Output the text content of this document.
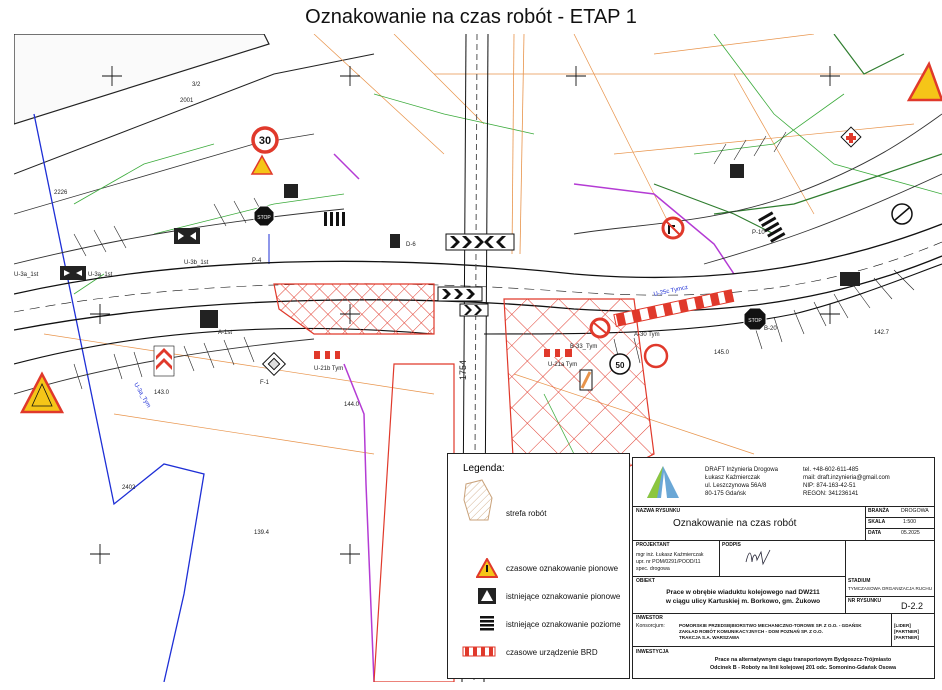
Oznakowanie na czas robót - ETAP 1
30
50
STOP
STOP
2001
3/2
2226
U-3a_1st	U-3a_1st
U-3b_1st
U-3a_Tym
D-6
P-4
A-1st
P-10
B-20
B-33_Tym
A-30 Tym
U-21b Tym
U-21a Tym
F-1
1754
U-25c Tymcz
143.0
144.0
145.0
139.4
142.7
2402
Legenda:
strefa robót
czasowe oznakowanie pionowe
istniejące oznakowanie pionowe
istniejące oznakowanie poziome
czasowe urządzenie BRD
DRAFT Inżynieria Drogowa
Łukasz Kaźmierczak
ul. Leszczynowa 56A/8
80-175 Gdańsk
tel. +48-602-611-485
mail: draft.inzynieria@gmail.com
NIP: 874-163-42-51
REGON: 341236141
NAZWA RYSUNKU
Oznakowanie na czas robót
BRANŻA DROGOWA
SKALA	1:500
DATA	05.2025
PROJEKTANT
mgr inż. Łukasz Kaźmierczak
upr. nr POM/0291/POOD/11
spec. drogowa
PODPIS
OBIEKT
Prace w obrębie wiaduktu kolejowego nad DW211
w ciągu ulicy Kartuskiej m. Borkowo, gm. Żukowo
STADIUM
TYMCZASOWA ORGANIZACJA RUCHU
NR RYSUNKU D-2.2
INWESTOR
Konsorcjum:	POMORSKIE PRZEDSIĘBIORSTWO MECHANICZNO-TOROWE SP. Z O.O. - GDAŃSK
ZAKŁAD ROBÓT KOMUNIKACYJNYCH - DOM POZNAŃ SP. Z O.O.
TRAKCJA S.A. WARSZAWA
[LIDER]
[PARTNER]
[PARTNER]
INWESTYCJA
Prace na alternatywnym ciągu transportowym Bydgoszcz-Trójmiasto
Odcinek B - Roboty na linii kolejowej 201 odc. Somonino-Gdańsk Osowa
